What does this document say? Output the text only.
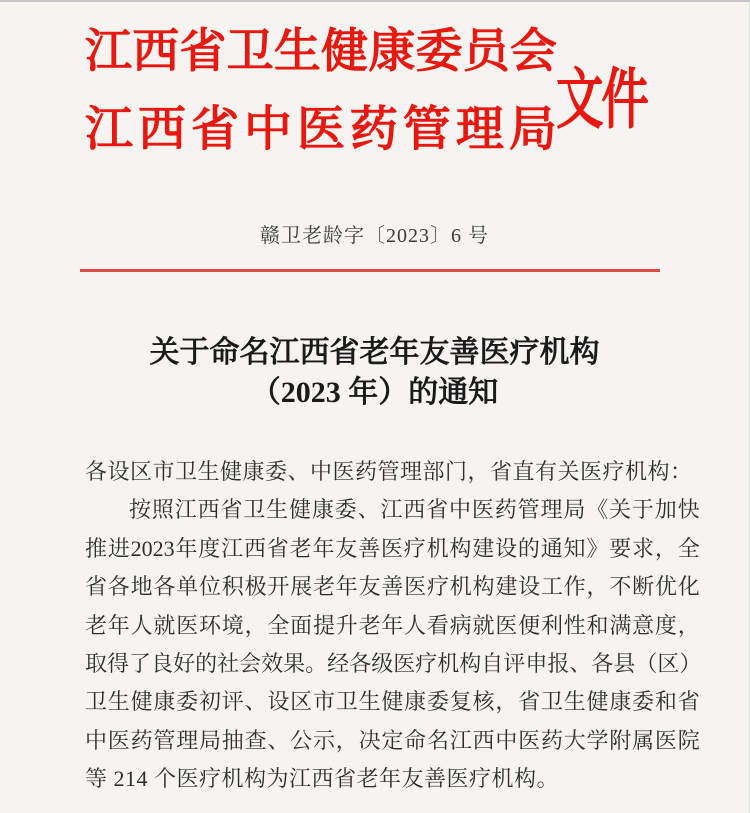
江 西 省 卫 生 健 康 委 员 会
江 西 省 中 医 药 管 理 局 文件
赣卫老龄字〔2023〕6 号
关于命名江西省老年友善医疗机构
（2023 年）的通知
各设区市卫生健康委、中医药管理部门，省直有关医疗机构：
按 照 江 西 省 卫 生 健 康 委 、 江 西 省 中 医 药 管 理 局 《 关 于 加 快
推 进 2023 年 度 江 西 省 老 年 友 善 医 疗 机 构 建 设 的 通 知 》 要 求 ， 全
省 各 地 各 单 位 积 极 开 展 老 年 友 善 医 疗 机 构 建 设 工 作 ， 不 断 优 化
老 年 人 就 医 环 境 ， 全 面 提 升 老 年 人 看 病 就 医 便 利 性 和 满 意 度 ，
取 得 了 良 好 的 社 会 效 果 。 经 各 级 医 疗 机 构 自 评 申 报 、 各 县 （ 区 ）
卫 生 健 康 委 初 评 、 设 区 市 卫 生 健 康 委 复 核 ， 省 卫 生 健 康 委 和 省
中 医 药 管 理 局 抽 查 、 公 示 ， 决 定 命 名 江 西 中 医 药 大 学 附 属 医 院
等 214 个医疗机构为江西省老年友善医疗机构。
